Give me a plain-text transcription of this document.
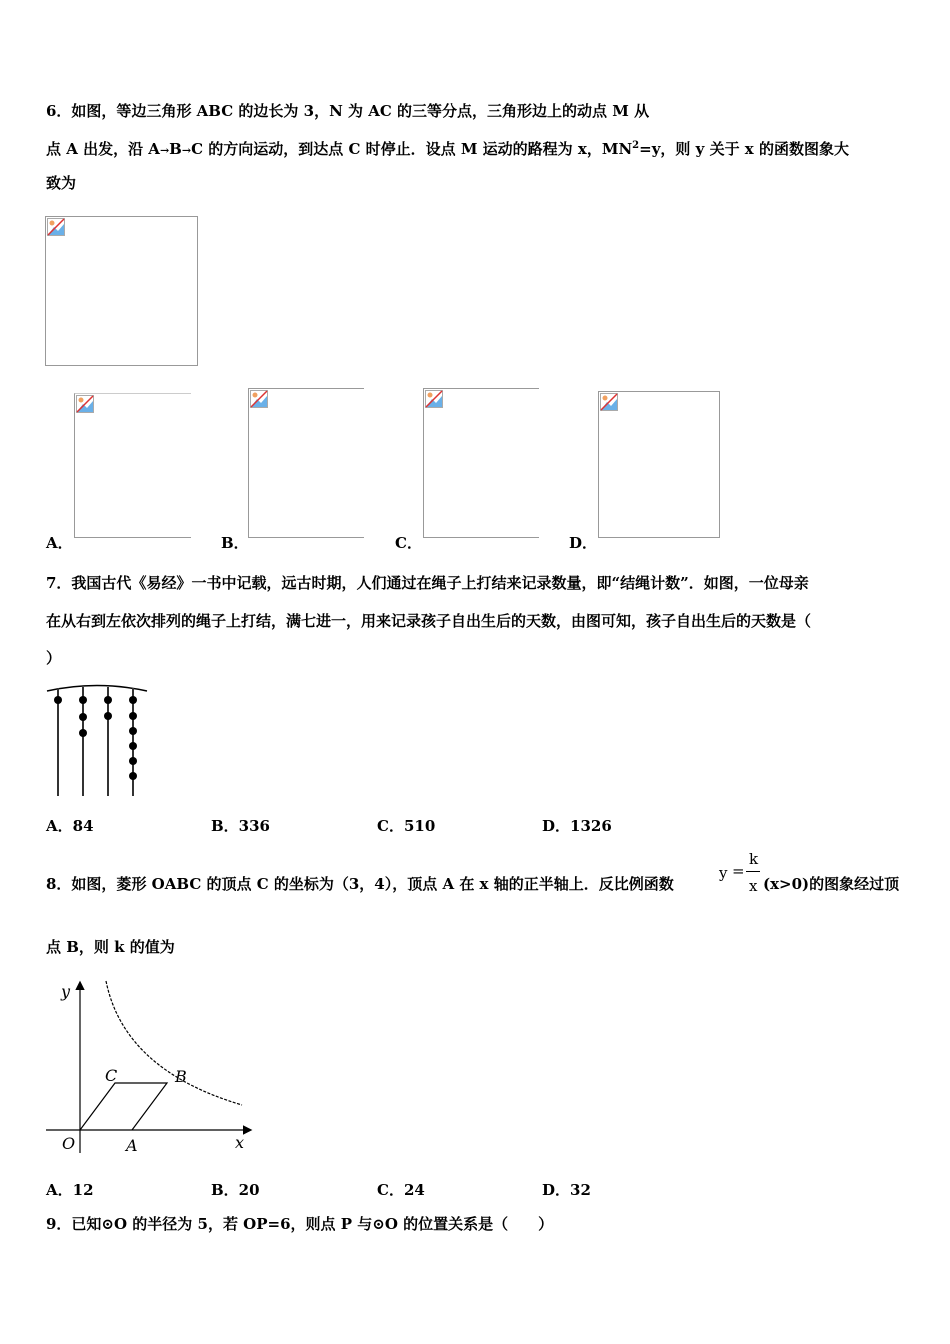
6．如图，等边三角形 ABC 的边长为 3，N 为 AC 的三等分点，三角形边上的动点 M 从
点 A 出发，沿 A→B→C 的方向运动，到达点 C 时停止．设点 M 运动的路程为 x，$MN^2=y$，则 y 关于 x 的函数图象大
致为
A．	B．	C．	D．
7．我国古代《易经》一书中记载，远古时期，人们通过在绳子上打结来记录数量，即“结绳计数”．如图，一位母亲
在从右到左依次排列的绳子上打结，满七进一，用来记录孩子自出生后的天数，由图可知，孩子自出生后的天数是（
）
A．84	B．336	C．510	D．1326
8．如图，菱形 OABC 的顶点 C 的坐标为（3，4），顶点 A 在 x 轴的正半轴上．反比例函数
y =
k
x (x>0)的图象经过顶
点 B，则 k 的值为
y
x
O	A
B
C
A．12	B．20	C．24	D．32
9．已知⊙O 的半径为 5，若 OP=6，则点 P 与⊙O 的位置关系是（　　）
